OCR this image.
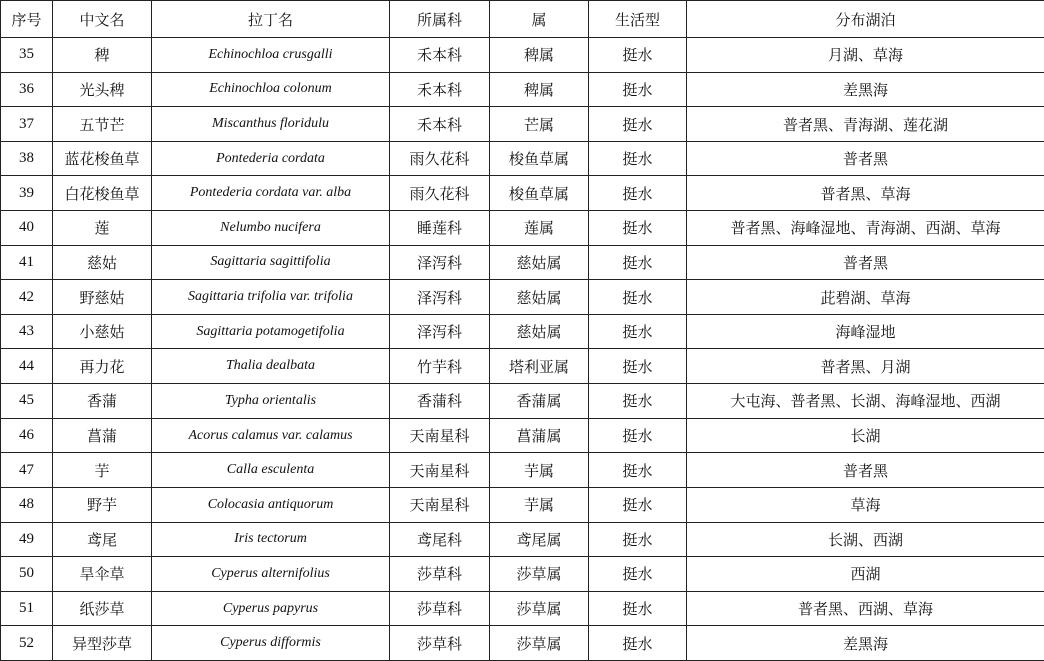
序号	中文名	拉丁名	所属科	属	生活型	分布湖泊
35	稗	Echinochloa crusgalli	禾本科	稗属	挺水	月湖、草海
36	光头稗	Echinochloa colonum	禾本科	稗属	挺水	差黑海
37	五节芒	Miscanthus floridulu	禾本科	芒属	挺水	普者黑、青海湖、莲花湖
38	蓝花梭鱼草	Pontederia cordata	雨久花科	梭鱼草属	挺水	普者黑
39	白花梭鱼草	Pontederia cordata var. alba	雨久花科	梭鱼草属	挺水	普者黑、草海
40	莲	Nelumbo nucifera	睡莲科	莲属	挺水	普者黑、海峰湿地、青海湖、西湖、草海
41	慈姑	Sagittaria sagittifolia	泽泻科	慈姑属	挺水	普者黑
42	野慈姑	Sagittaria trifolia var. trifolia	泽泻科	慈姑属	挺水	茈碧湖、草海
43	小慈姑	Sagittaria potamogetifolia	泽泻科	慈姑属	挺水	海峰湿地
44	再力花	Thalia dealbata	竹芋科	塔利亚属	挺水	普者黑、月湖
45	香蒲	Typha orientalis	香蒲科	香蒲属	挺水	大屯海、普者黑、长湖、海峰湿地、西湖
46	菖蒲	Acorus calamus var. calamus	天南星科	菖蒲属	挺水	长湖
47	芋	Calla esculenta	天南星科	芋属	挺水	普者黑
48	野芋	Colocasia antiquorum	天南星科	芋属	挺水	草海
49	鸢尾	Iris tectorum	鸢尾科	鸢尾属	挺水	长湖、西湖
50	旱伞草	Cyperus alternifolius	莎草科	莎草属	挺水	西湖
51	纸莎草	Cyperus papyrus	莎草科	莎草属	挺水	普者黑、西湖、草海
52	异型莎草	Cyperus difformis	莎草科	莎草属	挺水	差黑海
